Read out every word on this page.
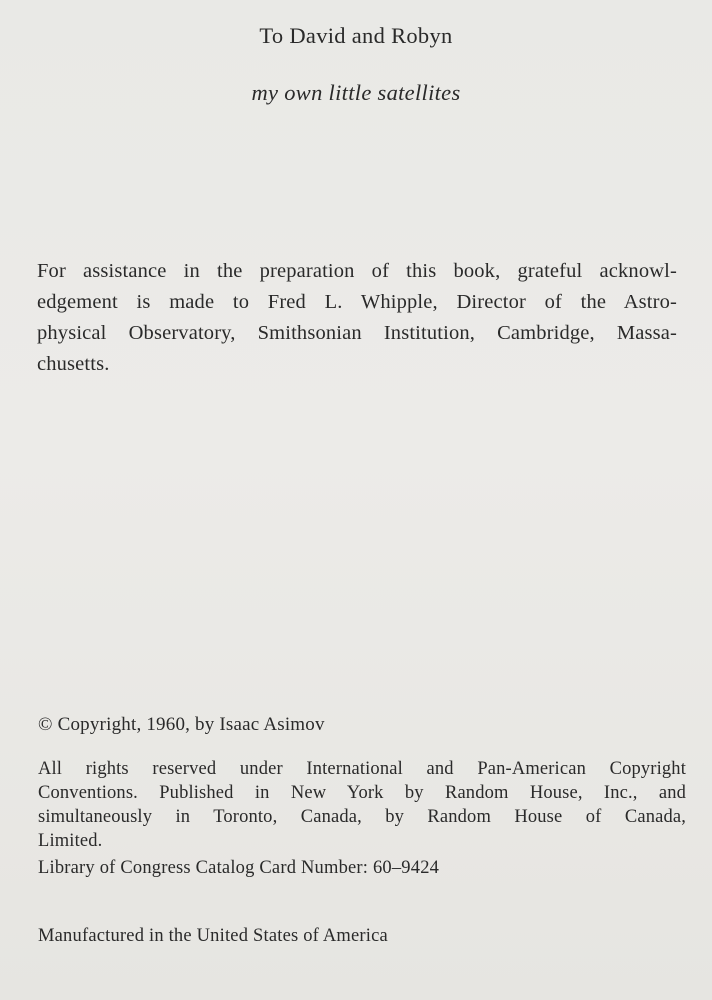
To David and Robyn
my own little satellites
For assistance in the preparation of this book, grateful acknowl-
edgement is made to Fred L. Whipple, Director of the Astro-
physical Observatory, Smithsonian Institution, Cambridge, Massa-
chusetts.
© Copyright, 1960, by Isaac Asimov
All rights reserved under International and Pan-American Copyright
Conventions. Published in New York by Random House, Inc., and
simultaneously in Toronto, Canada, by Random House of Canada,
Limited.
Library of Congress Catalog Card Number: 60–9424
Manufactured in the United States of America
